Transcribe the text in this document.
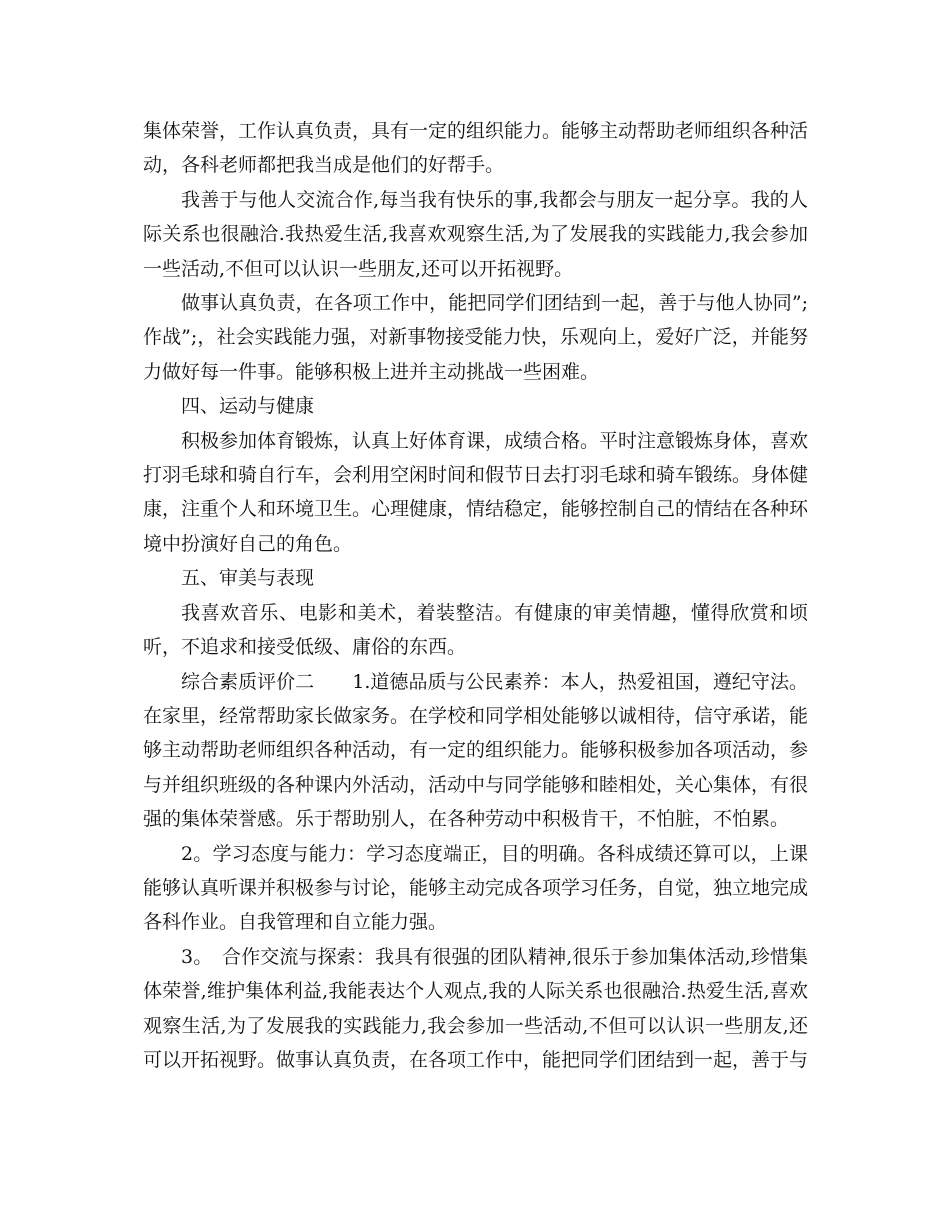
集体荣誉，工作认真负责，具有一定的组织能力。能够主动帮助老师组织各种活动，各科老师都把我当成是他们的好帮手。

我善于与他人交流合作,每当我有快乐的事,我都会与朋友一起分享。我的人际关系也很融洽.我热爱生活,我喜欢观察生活,为了发展我的实践能力,我会参加一些活动,不但可以认识一些朋友,还可以开拓视野。

做事认真负责，在各项工作中，能把同学们团结到一起，善于与他人协同”;作战”;，社会实践能力强，对新事物接受能力快，乐观向上，爱好广泛，并能努力做好每一件事。能够积极上进并主动挑战一些困难。

四、运动与健康

积极参加体育锻炼，认真上好体育课，成绩合格。平时注意锻炼身体，喜欢打羽毛球和骑自行车，会利用空闲时间和假节日去打羽毛球和骑车锻练。身体健康，注重个人和环境卫生。心理健康，情结稳定，能够控制自己的情结在各种环境中扮演好自己的角色。

五、审美与表现

我喜欢音乐、电影和美术，着装整洁。有健康的审美情趣，懂得欣赏和顷听，不追求和接受低级、庸俗的东西。

综合素质评价二　　1.道德品质与公民素养：本人，热爱祖国，遵纪守法。在家里，经常帮助家长做家务。在学校和同学相处能够以诚相待，信守承诺，能够主动帮助老师组织各种活动，有一定的组织能力。能够积极参加各项活动，参与并组织班级的各种课内外活动，活动中与同学能够和睦相处，关心集体，有很强的集体荣誉感。乐于帮助别人，在各种劳动中积极肯干，不怕脏，不怕累。

2。学习态度与能力：学习态度端正，目的明确。各科成绩还算可以，上课能够认真听课并积极参与讨论，能够主动完成各项学习任务，自觉，独立地完成各科作业。自我管理和自立能力强。

3。　合作交流与探索：我具有很强的团队精神,很乐于参加集体活动,珍惜集体荣誉,维护集体利益,我能表达个人观点,我的人际关系也很融洽.热爱生活,喜欢观察生活,为了发展我的实践能力,我会参加一些活动,不但可以认识一些朋友,还可以开拓视野。做事认真负责，在各项工作中，能把同学们团结到一起，善于与
